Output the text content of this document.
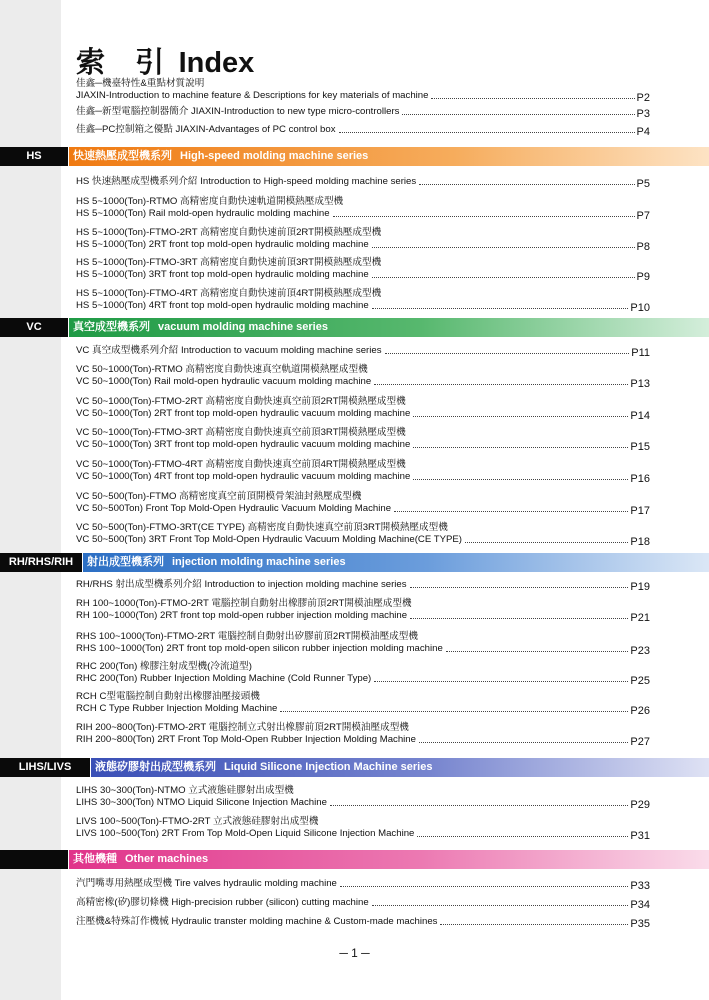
索 引 Index
佳鑫─機臺特性&重點材質說明
JIAXIN-Introduction to machine feature & Descriptions for key materials of machine	P2
佳鑫─新型電腦控制器簡介 JIAXIN-Introduction to new type micro-controllers	P3
佳鑫─PC控制箱之優點 JIAXIN-Advantages of PC control box	P4
HS	快速熱壓成型機系列 High-speed molding machine series
HS 快速熱壓成型機系列介紹 Introduction to High-speed molding machine series	P5
HS 5~1000(Ton)-RTMO 高精密度自動快速軌道開模熱壓成型機
HS 5~1000(Ton) Rail mold-open hydraulic molding machine	P7
HS 5~1000(Ton)-FTMO-2RT 高精密度自動快速前頂2RT開模熱壓成型機
HS 5~1000(Ton) 2RT front top mold-open hydraulic molding machine	P8
HS 5~1000(Ton)-FTMO-3RT 高精密度自動快速前頂3RT開模熱壓成型機
HS 5~1000(Ton) 3RT front top mold-open hydraulic molding machine	P9
HS 5~1000(Ton)-FTMO-4RT 高精密度自動快速前頂4RT開模熱壓成型機
HS 5~1000(Ton) 4RT front top mold-open hydraulic molding machine	P10
VC	真空成型機系列 vacuum molding machine series
VC 真空成型機系列介紹 Introduction to vacuum molding machine series	P11
VC 50~1000(Ton)-RTMO 高精密度自動快速真空軌道開模熱壓成型機
VC 50~1000(Ton) Rail mold-open hydraulic vacuum molding machine	P13
VC 50~1000(Ton)-FTMO-2RT 高精密度自動快速真空前頂2RT開模熱壓成型機
VC 50~1000(Ton) 2RT front top mold-open hydraulic vacuum molding machine	P14
VC 50~1000(Ton)-FTMO-3RT 高精密度自動快速真空前頂3RT開模熱壓成型機
VC 50~1000(Ton) 3RT front top mold-open hydraulic vacuum molding machine	P15
VC 50~1000(Ton)-FTMO-4RT 高精密度自動快速真空前頂4RT開模熱壓成型機
VC 50~1000(Ton) 4RT front top mold-open hydraulic vacuum molding machine	P16
VC 50~500(Ton)-FTMO 高精密度真空前頂開模骨架油封熱壓成型機
VC 50~500Ton) Front Top Mold-Open Hydraulic Vacuum Molding Machine	P17
VC 50~500(Ton)-FTMO-3RT(CE TYPE) 高精密度自動快速真空前頂3RT開模熱壓成型機
VC 50~500(Ton) 3RT Front Top Mold-Open Hydraulic Vacuum Molding Machine(CE TYPE)	P18
RH/RHS/RIH	射出成型機系列 injection molding machine series
RH/RHS 射出成型機系列介紹 Introduction to injection molding machine series	P19
RH 100~1000(Ton)-FTMO-2RT 電腦控制自動射出橡膠前頂2RT開模油壓成型機
RH 100~1000(Ton) 2RT front top mold-open rubber injection molding machine	P21
RHS 100~1000(Ton)-FTMO-2RT 電腦控制自動射出矽膠前頂2RT開模油壓成型機
RHS 100~1000(Ton) 2RT front top mold-open silicon rubber injection molding machine	P23
RHC 200(Ton) 橡膠注射成型機(冷流道型)
RHC 200(Ton) Rubber Injection Molding Machine (Cold Runner Type)	P25
RCH C型電腦控制自動射出橡膠油壓接頭機
RCH C Type Rubber Injection Molding Machine	P26
RIH 200~800(Ton)-FTMO-2RT 電腦控制立式射出橡膠前頂2RT開模油壓成型機
RIH 200~800(Ton) 2RT Front Top Mold-Open Rubber Injection Molding Machine	P27
LIHS/LIVS	液態矽膠射出成型機系列 Liquid Silicone Injection Machine series
LIHS 30~300(Ton)-NTMO 立式液態硅膠射出成型機
LIHS 30~300(Ton) NTMO Liquid Silicone Injection Machine	P29
LIVS 100~500(Ton)-FTMO-2RT 立式液態硅膠射出成型機
LIVS 100~500(Ton) 2RT From Top Mold-Open Liquid Silicone Injection Machine	P31
其他機種 Other machines
汽門嘴專用熱壓成型機 Tire valves hydraulic molding machine	P33
高精密橡(矽)膠切條機 High-precision rubber (silicon) cutting machine	P34
注壓機&特殊訂作機械 Hydraulic transter molding machine & Custom-made machines	P35
─ 1 ─
